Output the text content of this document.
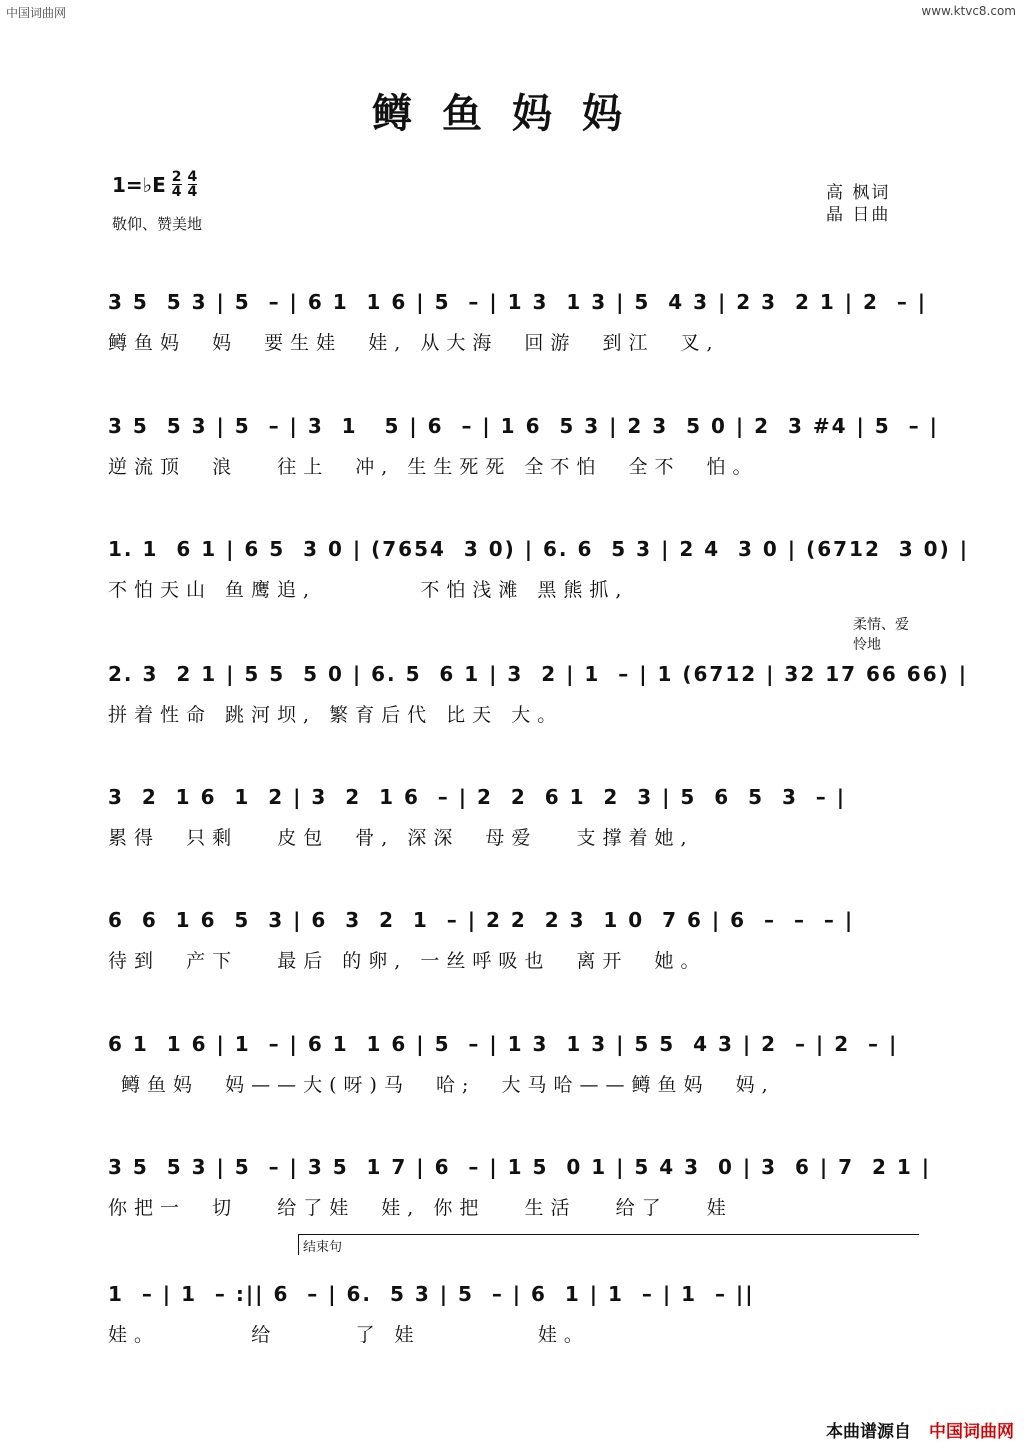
中国词曲网	www.ktvc8.com
鳟鱼妈妈
1=♭E $\frac{2}{4} \frac{4}{4}$
敬仰、赞美地
高 枫词
晶 日曲
3 5  5 3 | 5  – | 6 1  1 6 | 5  – | 1 3  1 3 | 5  4 3 | 2 3  2 1 | 2  – |
鳟鱼妈  妈  要生娃  娃, 从大海  回游  到江  叉,
3 5  5 3 | 5  – | 3  1   5 | 6  – | 1 6  5 3 | 2 3  5 0 | 2  3 #4 | 5  – |
逆流顶  浪   往上  冲, 生生死死 全不怕  全不  怕。
1. 1  6 1 | 6 5  3 0 | (7654  3 0) | 6. 6  5 3 | 2 4  3 0 | (6712  3 0) |
不怕天山 鱼鹰追,        不怕浅滩 黑熊抓,
柔情、爱怜地
2. 3  2 1 | 5 5  5 0 | 6. 5  6 1 | 3  2 | 1  – | 1 (6712 | 32 17 66 66) |
拼着性命 跳河坝, 繁育后代 比天 大。
3  2  1 6  1  2 | 3  2  1 6  – | 2  2  6 1  2  3 | 5  6  5  3  – |
累得  只剩   皮包  骨, 深深  母爱   支撑着她,
6  6  1 6  5  3 | 6  3  2  1  – | 2 2  2 3  1 0  7 6 | 6  –  –  – |
待到  产下   最后 的卵, 一丝呼吸也  离开  她。
6 1  1 6 | 1  – | 6 1  1 6 | 5  – | 1 3  1 3 | 5 5  4 3 | 2  – | 2  – |
鳟鱼妈  妈——大(呀)马  哈;  大马哈——鳟鱼妈  妈,
3 5  5 3 | 5  – | 3 5  1 7 | 6  – | 1 5  0 1 | 5 4 3  0 | 3  6 | 7  2 1 |
你把一  切   给了娃  娃, 你把   生活   给了   娃
结束句
1  – | 1  – :|| 6  – | 6.  5 3 | 5  – | 6  1 | 1  – | 1  – ||
娃。       给      了 娃         娃。
本曲谱源自 中国词曲网
